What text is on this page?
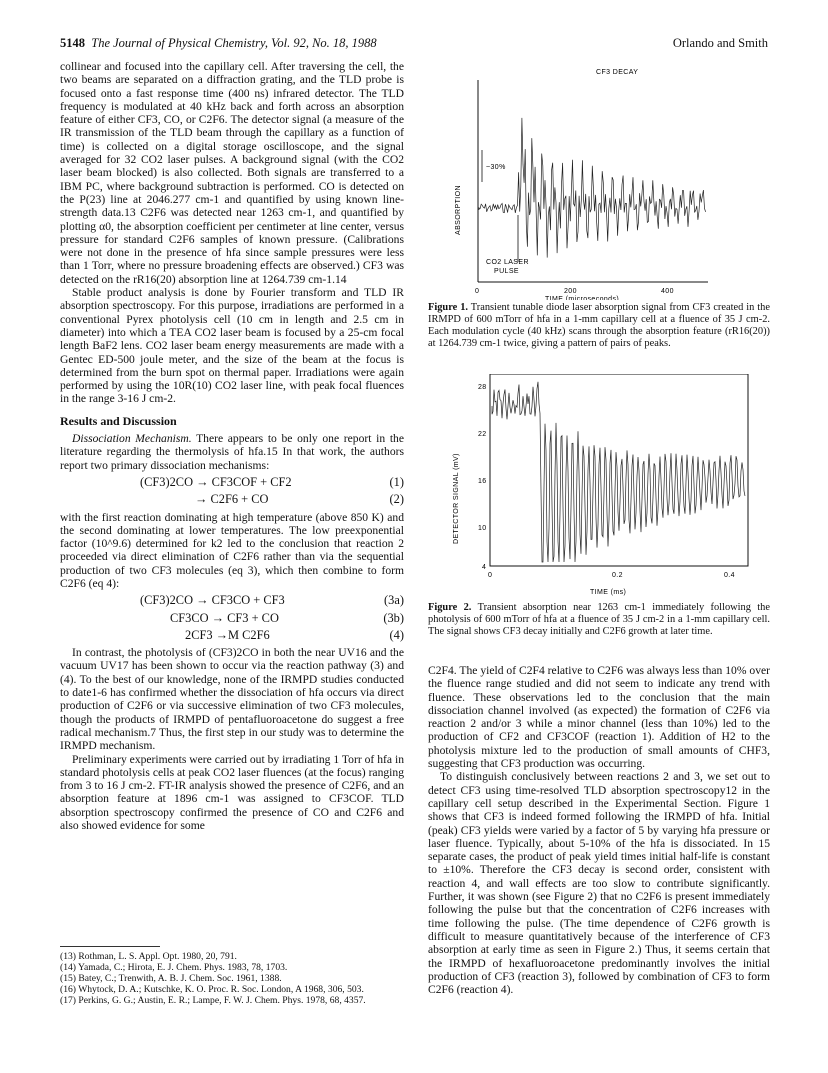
5148 The Journal of Physical Chemistry, Vol. 92, No. 18, 1988	Orlando and Smith

collinear and focused into the capillary cell. After traversing the cell, the two beams are separated on a diffraction grating, and the TLD probe is focused onto a fast response time (400 ns) infrared detector. The TLD frequency is modulated at 40 kHz back and forth across an absorption feature of either CF3, CO, or C2F6. The detector signal (a measure of the IR transmission of the TLD beam through the capillary as a function of time) is collected on a digital storage oscilloscope, and the signal averaged for 32 CO2 laser pulses. A background signal (with the CO2 laser beam blocked) is also collected. Both signals are transferred to a IBM PC, where background subtraction is performed. CO is detected on the P(23) line at 2046.277 cm-1 and quantified by using known line-strength data.13 C2F6 was detected near 1263 cm-1, and quantified by plotting α0, the absorption coefficient per centimeter at line center, versus pressure for standard C2F6 samples of known pressure. (Calibrations were not done in the presence of hfa since sample pressures were less than 1 Torr, where no pressure broadening effects are observed.) CF3 was detected on the rR16(20) absorption line at 1264.739 cm-1.14

Stable product analysis is done by Fourier transform and TLD IR absorption spectroscopy. For this purpose, irradiations are performed in a conventional Pyrex photolysis cell (10 cm in length and 2.5 cm in diameter) into which a TEA CO2 laser beam is focused by a 25-cm focal length BaF2 lens. CO2 laser beam energy measurements are made with a Gentec ED-500 joule meter, and the size of the beam at the focus is determined from the burn spot on thermal paper. Irradiations were again performed by using the 10R(10) CO2 laser line, with peak focal fluences in the range 3-16 J cm-2.

Results and Discussion

Dissociation Mechanism. There appears to be only one report in the literature regarding the thermolysis of hfa.15 In that work, the authors report two primary dissociation mechanisms:

(CF3)2CO → CF3COF + CF2	(1)
→ C2F6 + CO	(2)

with the first reaction dominating at high temperature (above 850 K) and the second dominating at lower temperatures. The low preexponential factor (10^9.6) determined for k2 led to the conclusion that reaction 2 proceeded via direct elimination of C2F6 rather than via the sequential production of two CF3 molecules (eq 3), which then combine to form C2F6 (eq 4):

(CF3)2CO → CF3CO + CF3	(3a)
CF3CO → CF3 + CO	(3b)
2CF3 →M C2F6	(4)

In contrast, the photolysis of (CF3)2CO in both the near UV16 and the vacuum UV17 has been shown to occur via the reaction pathway (3) and (4). To the best of our knowledge, none of the IRMPD studies conducted to date1-6 has confirmed whether the dissociation of hfa occurs via direct production of C2F6 or via successive elimination of two CF3 molecules, though the products of IRMPD of pentafluoroacetone do suggest a free radical mechanism.7 Thus, the first step in our study was to determine the IRMPD mechanism.

Preliminary experiments were carried out by irradiating 1 Torr of hfa in standard photolysis cells at peak CO2 laser fluences (at the focus) ranging from 3 to 16 J cm-2. FT-IR analysis showed the presence of C2F6, and an absorption feature at 1896 cm-1 was assigned to CF3COF. TLD absorption spectroscopy confirmed the presence of CO and C2F6 and also showed evidence for some

(13) Rothman, L. S. Appl. Opt. 1980, 20, 791.
(14) Yamada, C.; Hirota, E. J. Chem. Phys. 1983, 78, 1703.
(15) Batey, C.; Trenwith, A. B. J. Chem. Soc. 1961, 1388.
(16) Whytock, D. A.; Kutschke, K. O. Proc. R. Soc. London, A 1968, 306, 503.
(17) Perkins, G. G.; Austin, E. R.; Lampe, F. W. J. Chem. Phys. 1978, 68, 4357.
CF3 DECAY
ABSORPTION
~30%
CO2 LASER
PULSE
0	200	400
TIME (microseconds)
Figure 1. Transient tunable diode laser absorption signal from CF3 created in the IRMPD of 600 mTorr of hfa in a 1-mm capillary cell at a fluence of 35 J cm-2. Each modulation cycle (40 kHz) scans through the absorption feature (rR16(20)) at 1264.739 cm-1 twice, giving a pattern of pairs of peaks.
DETECTOR SIGNAL (mV)
28
22
16
10
4
0	0.2	0.4
TIME (ms)
Figure 2. Transient absorption near 1263 cm-1 immediately following the photolysis of 600 mTorr of hfa at a fluence of 35 J cm-2 in a 1-mm capillary cell. The signal shows CF3 decay initially and C2F6 growth at later time.

C2F4. The yield of C2F4 relative to C2F6 was always less than 10% over the fluence range studied and did not seem to indicate any trend with fluence. These observations led to the conclusion that the main dissociation channel involved (as expected) the formation of C2F6 via reaction 2 and/or 3 while a minor channel (less than 10%) led to the production of CF2 and CF3COF (reaction 1). Addition of H2 to the photolysis mixture led to the production of small amounts of CHF3, suggesting that CF3 production was occurring.

To distinguish conclusively between reactions 2 and 3, we set out to detect CF3 using time-resolved TLD absorption spectroscopy12 in the capillary cell setup described in the Experimental Section. Figure 1 shows that CF3 is indeed formed following the IRMPD of hfa. Initial (peak) CF3 yields were varied by a factor of 5 by varying hfa pressure or laser fluence. Typically, about 5-10% of the hfa is dissociated. In 15 separate cases, the product of peak yield times initial half-life is constant to ±10%. Therefore the CF3 decay is second order, consistent with reaction 4, and wall effects are too slow to contribute significantly. Further, it was shown (see Figure 2) that no C2F6 is present immediately following the pulse but that the concentration of C2F6 increases with time following the pulse. (The time dependence of C2F6 growth is difficult to measure quantitatively because of the interference of CF3 absorption at early time as seen in Figure 2.) Thus, it seems certain that the IRMPD of hexafluoroacetone predominantly involves the initial production of CF3 (reaction 3), followed by combination of CF3 to form C2F6 (reaction 4).
